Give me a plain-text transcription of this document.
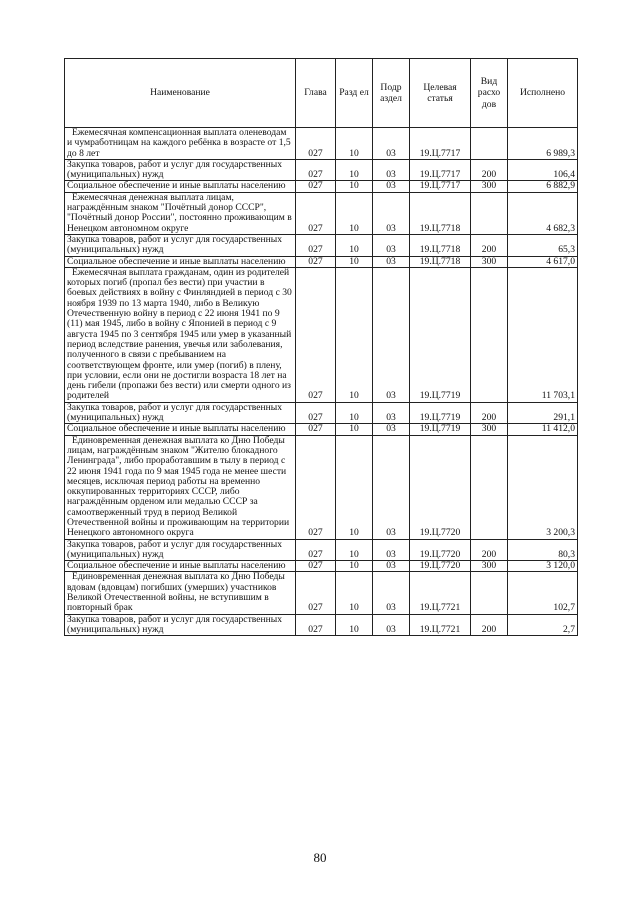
Наименование	Глава	Разд ел	Подр аздел	Целевая статья	Вид расхо дов	Исполнено
Ежемесячная компенсационная выплата оленеводам и чумработницам на каждого ребёнка в возрасте от 1,5 до 8 лет	027	10	03	19.Ц.7717		6 989,3
Закупка товаров, работ и услуг для государственных (муниципальных) нужд	027	10	03	19.Ц.7717	200	106,4
Социальное обеспечение и иные выплаты населению	027	10	03	19.Ц.7717	300	6 882,9
Ежемесячная денежная выплата лицам, награждённым знаком "Почётный донор СССР", "Почётный донор России", постоянно проживающим в Ненецком автономном округе	027	10	03	19.Ц.7718		4 682,3
Закупка товаров, работ и услуг для государственных (муниципальных) нужд	027	10	03	19.Ц.7718	200	65,3
Социальное обеспечение и иные выплаты населению	027	10	03	19.Ц.7718	300	4 617,0
Ежемесячная выплата гражданам, один из родителей которых погиб (пропал без вести) при участии в боевых действиях в войну с Финляндией в период с 30 ноября 1939 по 13 марта 1940, либо в Великую Отечественную войну в период с 22 июня 1941 по 9 (11) мая 1945, либо в войну с Японией в период с 9 августа 1945 по 3 сентября 1945 или умер в указанный период вследствие ранения, увечья или заболевания, полученного в связи с пребыванием на соответствующем фронте, или умер (погиб) в плену, при условии, если они не достигли возраста 18 лет на день гибели (пропажи без вести) или смерти одного из родителей	027	10	03	19.Ц.7719		11 703,1
Закупка товаров, работ и услуг для государственных (муниципальных) нужд	027	10	03	19.Ц.7719	200	291,1
Социальное обеспечение и иные выплаты населению	027	10	03	19.Ц.7719	300	11 412,0
Единовременная денежная выплата ко Дню Победы лицам, награждённым знаком "Жителю блокадного Ленинграда", либо проработавшим в тылу в период с 22 июня 1941 года по 9 мая 1945 года не менее шести месяцев, исключая период работы на временно оккупированных территориях СССР, либо награждённым орденом или медалью СССР за самоотверженный труд в период Великой Отечественной войны и проживающим на территории Ненецкого автономного округа	027	10	03	19.Ц.7720		3 200,3
Закупка товаров, работ и услуг для государственных (муниципальных) нужд	027	10	03	19.Ц.7720	200	80,3
Социальное обеспечение и иные выплаты населению	027	10	03	19.Ц.7720	300	3 120,0
Единовременная денежная выплата ко Дню Победы вдовам (вдовцам) погибших (умерших) участников Великой Отечественной войны, не вступившим в повторный брак	027	10	03	19.Ц.7721		102,7
Закупка товаров, работ и услуг для государственных (муниципальных) нужд	027	10	03	19.Ц.7721	200	2,7
80
